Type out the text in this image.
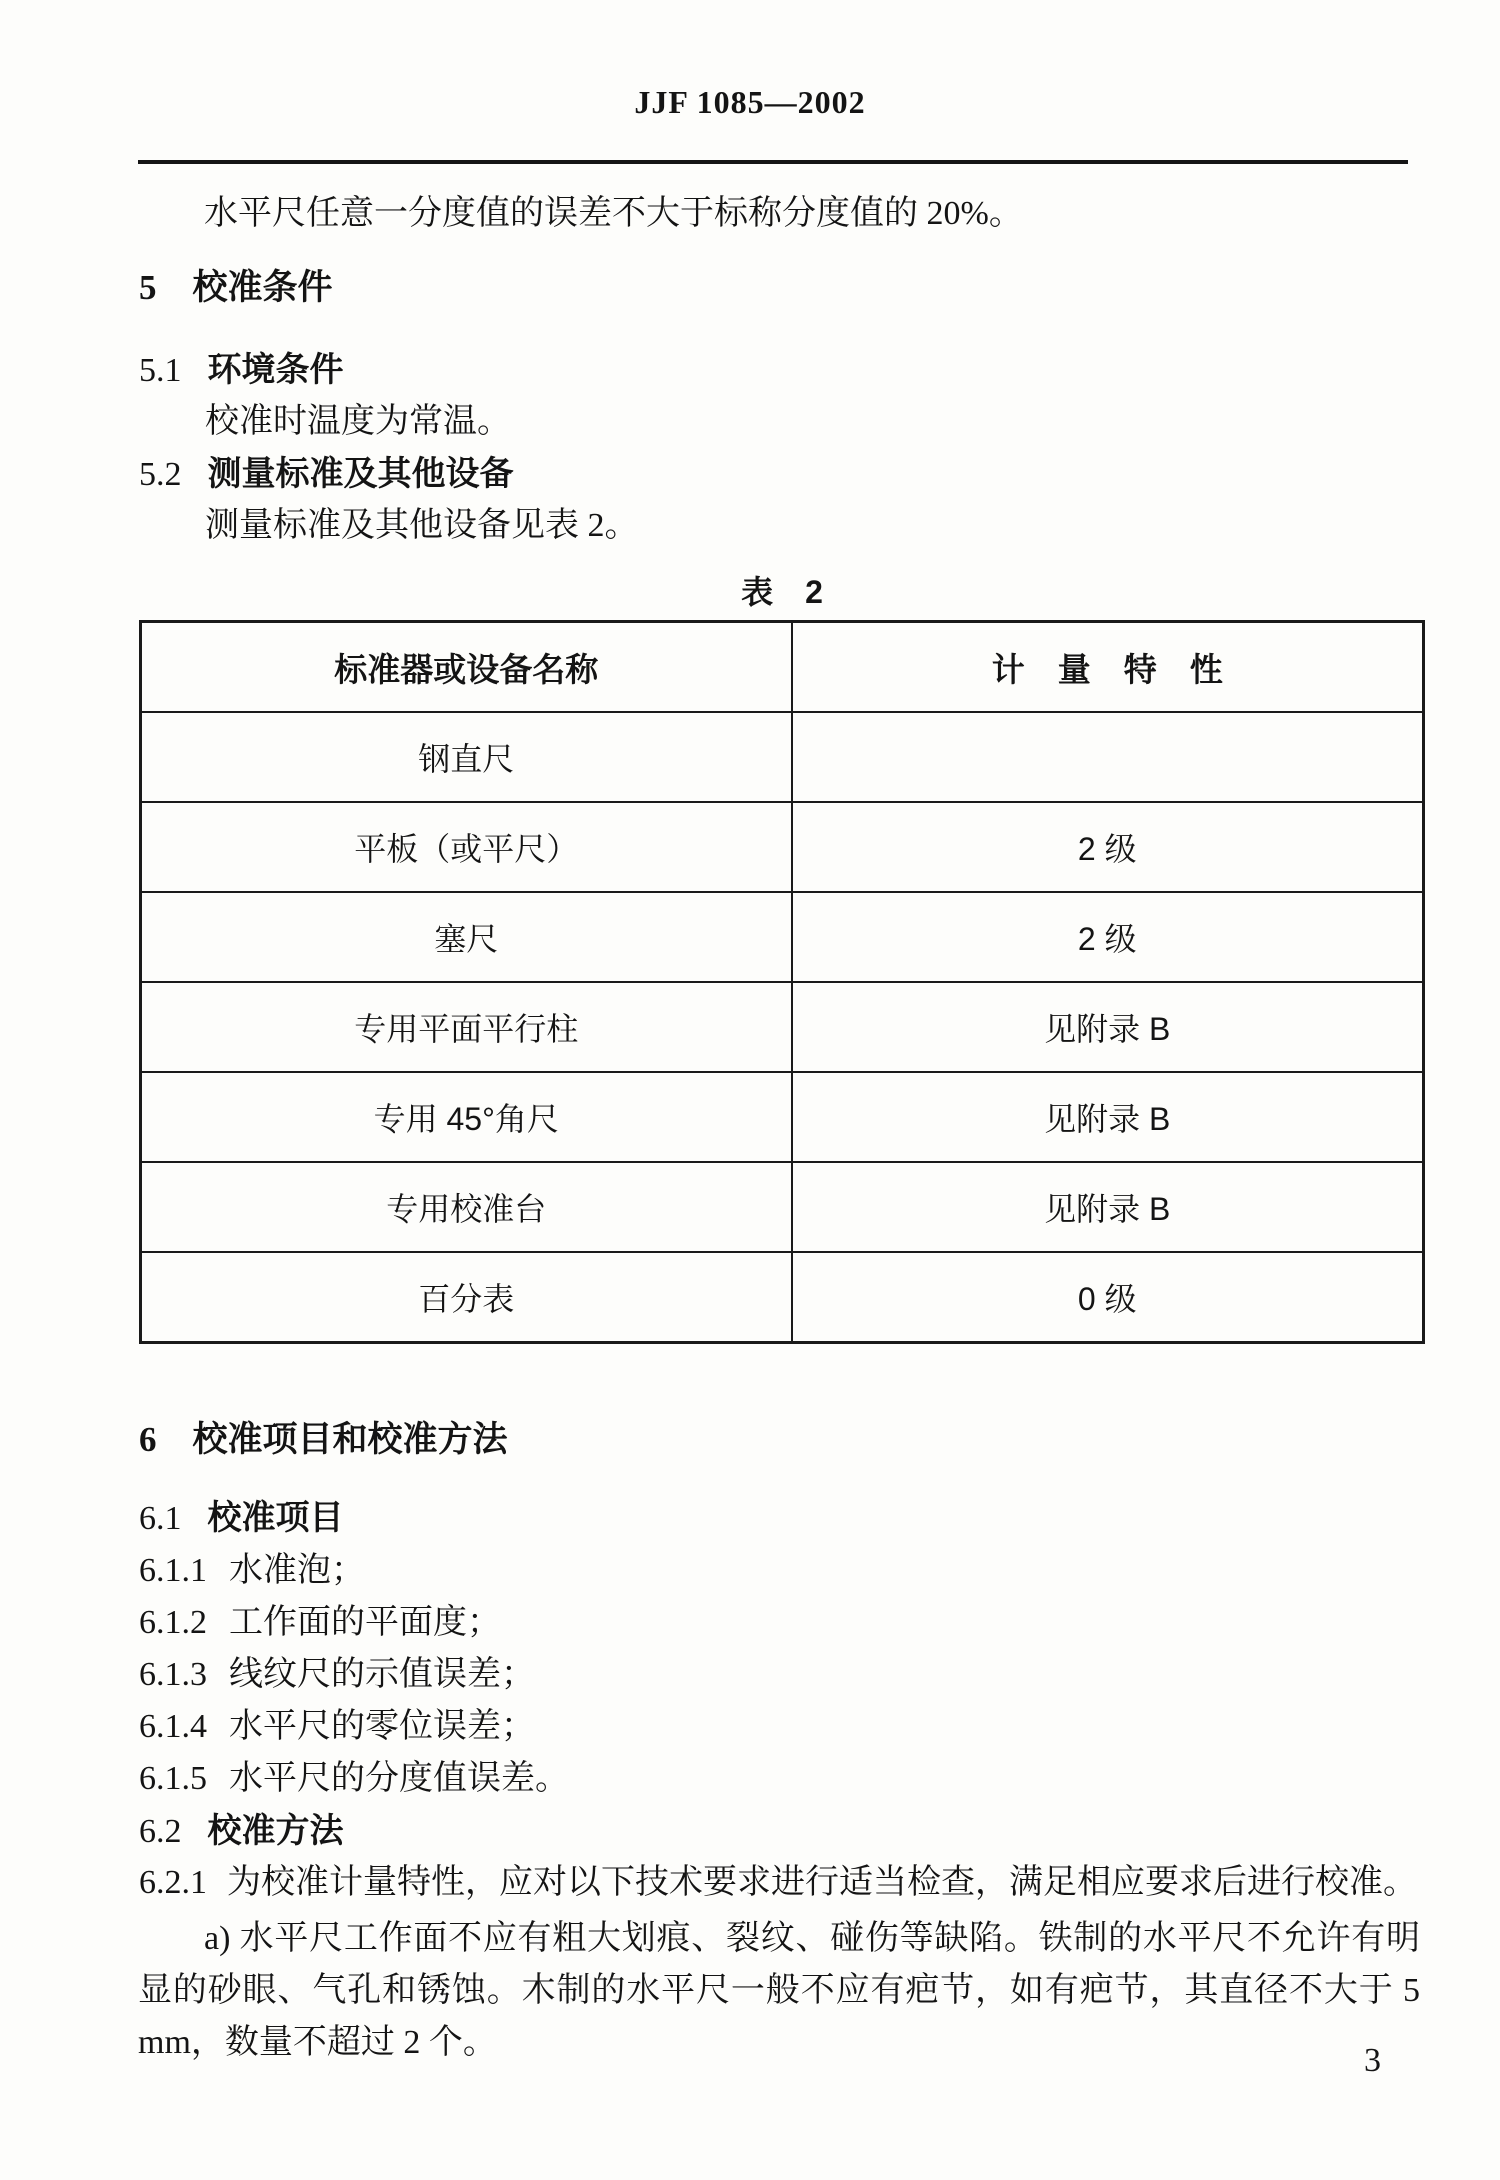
JJF 1085—2002
水平尺任意一分度值的误差不大于标称分度值的 20%。
5 校准条件
5.1 环境条件
校准时温度为常温。
5.2 测量标准及其他设备
测量标准及其他设备见表 2。
表　2
标准器或设备名称	计　量　特　性
钢直尺	
平板（或平尺）	2 级
塞尺	2 级
专用平面平行柱	见附录 B
专用 45°角尺	见附录 B
专用校准台	见附录 B
百分表	0 级
6 校准项目和校准方法
6.1 校准项目
6.1.1 水准泡；
6.1.2 工作面的平面度；
6.1.3 线纹尺的示值误差；
6.1.4 水平尺的零位误差；
6.1.5 水平尺的分度值误差。
6.2 校准方法
6.2.1 为校准计量特性，应对以下技术要求进行适当检查，满足相应要求后进行校准。
a) 水平尺工作面不应有粗大划痕、裂纹、碰伤等缺陷。铁制的水平尺不允许有明显的砂眼、气孔和锈蚀。木制的水平尺一般不应有疤节，如有疤节，其直径不大于 5 mm，数量不超过 2 个。	3
